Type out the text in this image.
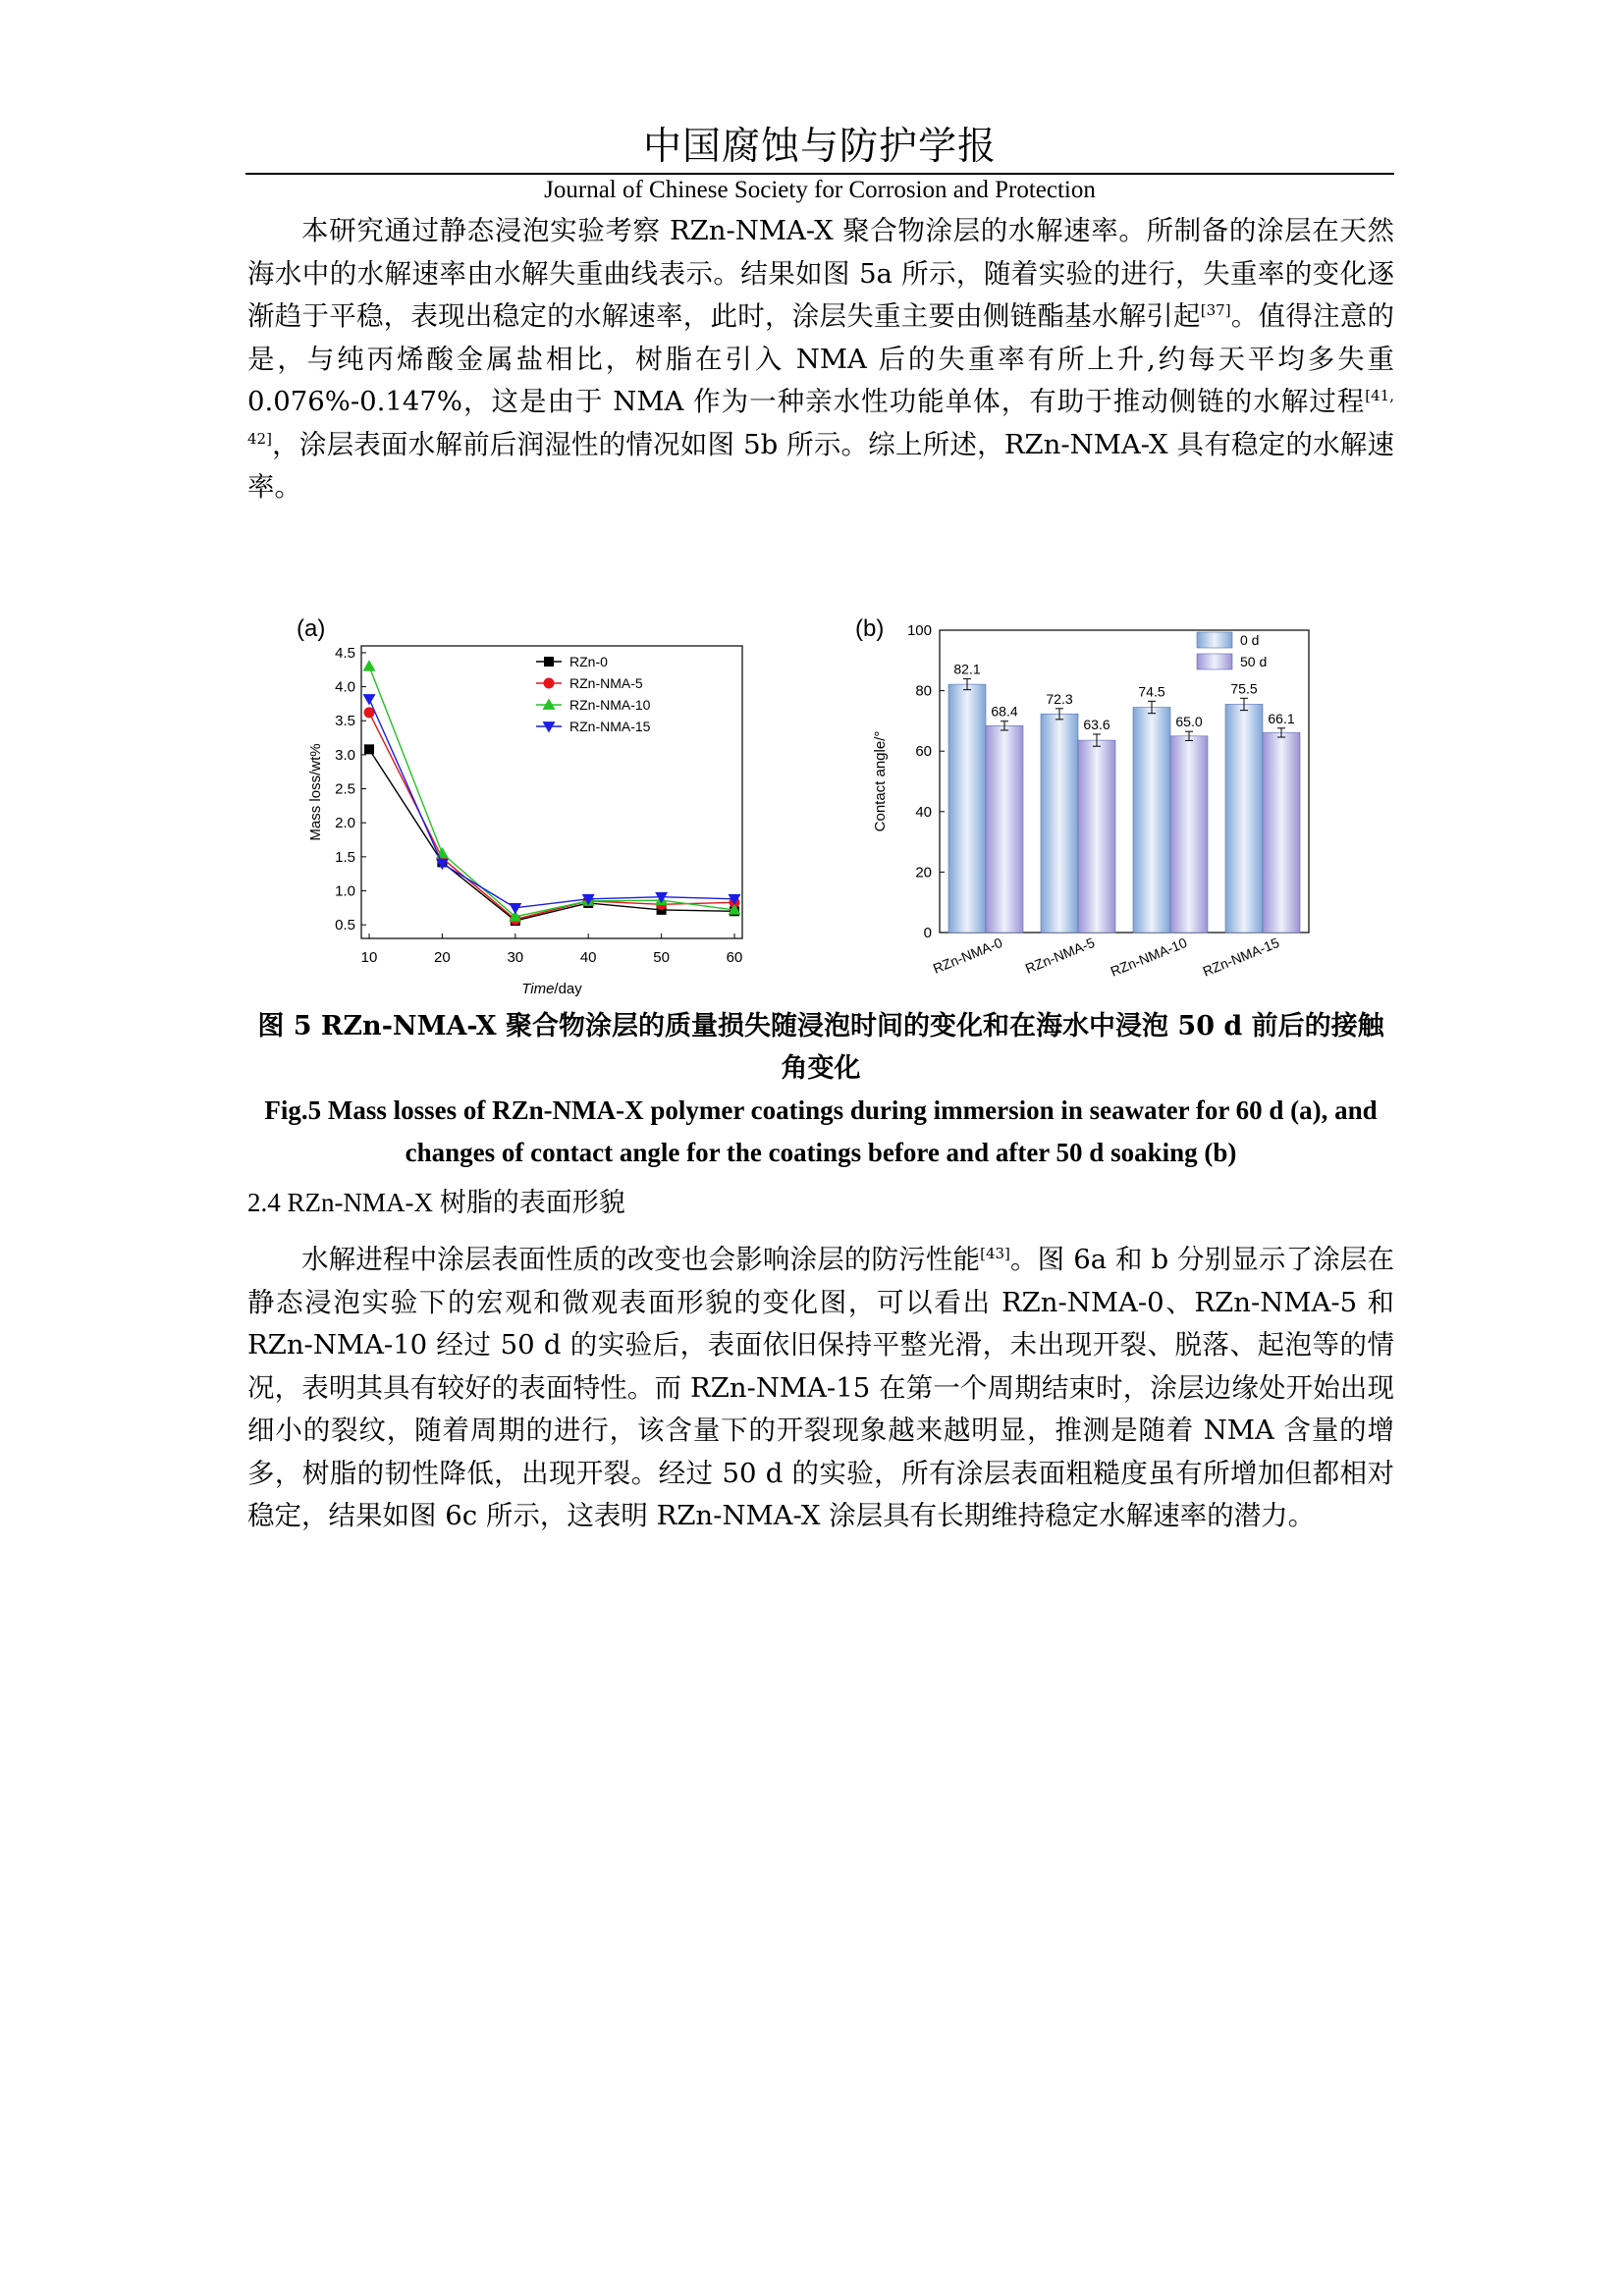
中国腐蚀与防护学报
Journal of Chinese Society for Corrosion and Protection

本研究通过静态浸泡实验考察 RZn-NMA-X 聚合物涂层的水解速率。所制备的涂层在天然海水中的水解速率由水解失重曲线表示。结果如图 5a 所示，随着实验的进行，失重率的变化逐渐趋于平稳，表现出稳定的水解速率，此时，涂层失重主要由侧链酯基水解引起[37]。值得注意的是，与纯丙烯酸金属盐相比，树脂在引入 NMA 后的失重率有所上升,约每天平均多失重 0.076%-0.147%，这是由于 NMA 作为一种亲水性功能单体，有助于推动侧链的水解过程[41, 42]，涂层表面水解前后润湿性的情况如图 5b 所示。综上所述，RZn-NMA-X 具有稳定的水解速率。

(a)
0.5
1.0
1.5
2.0
2.5
3.0
3.5
4.0
4.5
10	20	30	40	50	60
Mass loss/wt%
Time/day
RZn-0
RZn-NMA-5
RZn-NMA-10
RZn-NMA-15
(b)
0
20
40
60
80
100
Contact angle/°
82.1
68.4
RZn-NMA-0
72.3
63.6
RZn-NMA-5
74.5
65.0
RZn-NMA-10
75.5
66.1
RZn-NMA-15
0 d
50 d
图 5 RZn-NMA-X 聚合物涂层的质量损失随浸泡时间的变化和在海水中浸泡 50 d 前后的接触角变化
Fig.5 Mass losses of RZn-NMA-X polymer coatings during immersion in seawater for 60 d (a), and changes of contact angle for the coatings before and after 50 d soaking (b)
2.4 RZn-NMA-X 树脂的表面形貌

水解进程中涂层表面性质的改变也会影响涂层的防污性能[43]。图 6a 和 b 分别显示了涂层在静态浸泡实验下的宏观和微观表面形貌的变化图，可以看出 RZn-NMA-0、RZn-NMA-5 和 RZn-NMA-10 经过 50 d 的实验后，表面依旧保持平整光滑，未出现开裂、脱落、起泡等的情况，表明其具有较好的表面特性。而 RZn-NMA-15 在第一个周期结束时，涂层边缘处开始出现细小的裂纹，随着周期的进行，该含量下的开裂现象越来越明显，推测是随着 NMA 含量的增多，树脂的韧性降低，出现开裂。经过 50 d 的实验，所有涂层表面粗糙度虽有所增加但都相对稳定，结果如图 6c 所示，这表明 RZn-NMA-X 涂层具有长期维持稳定水解速率的潜力。
